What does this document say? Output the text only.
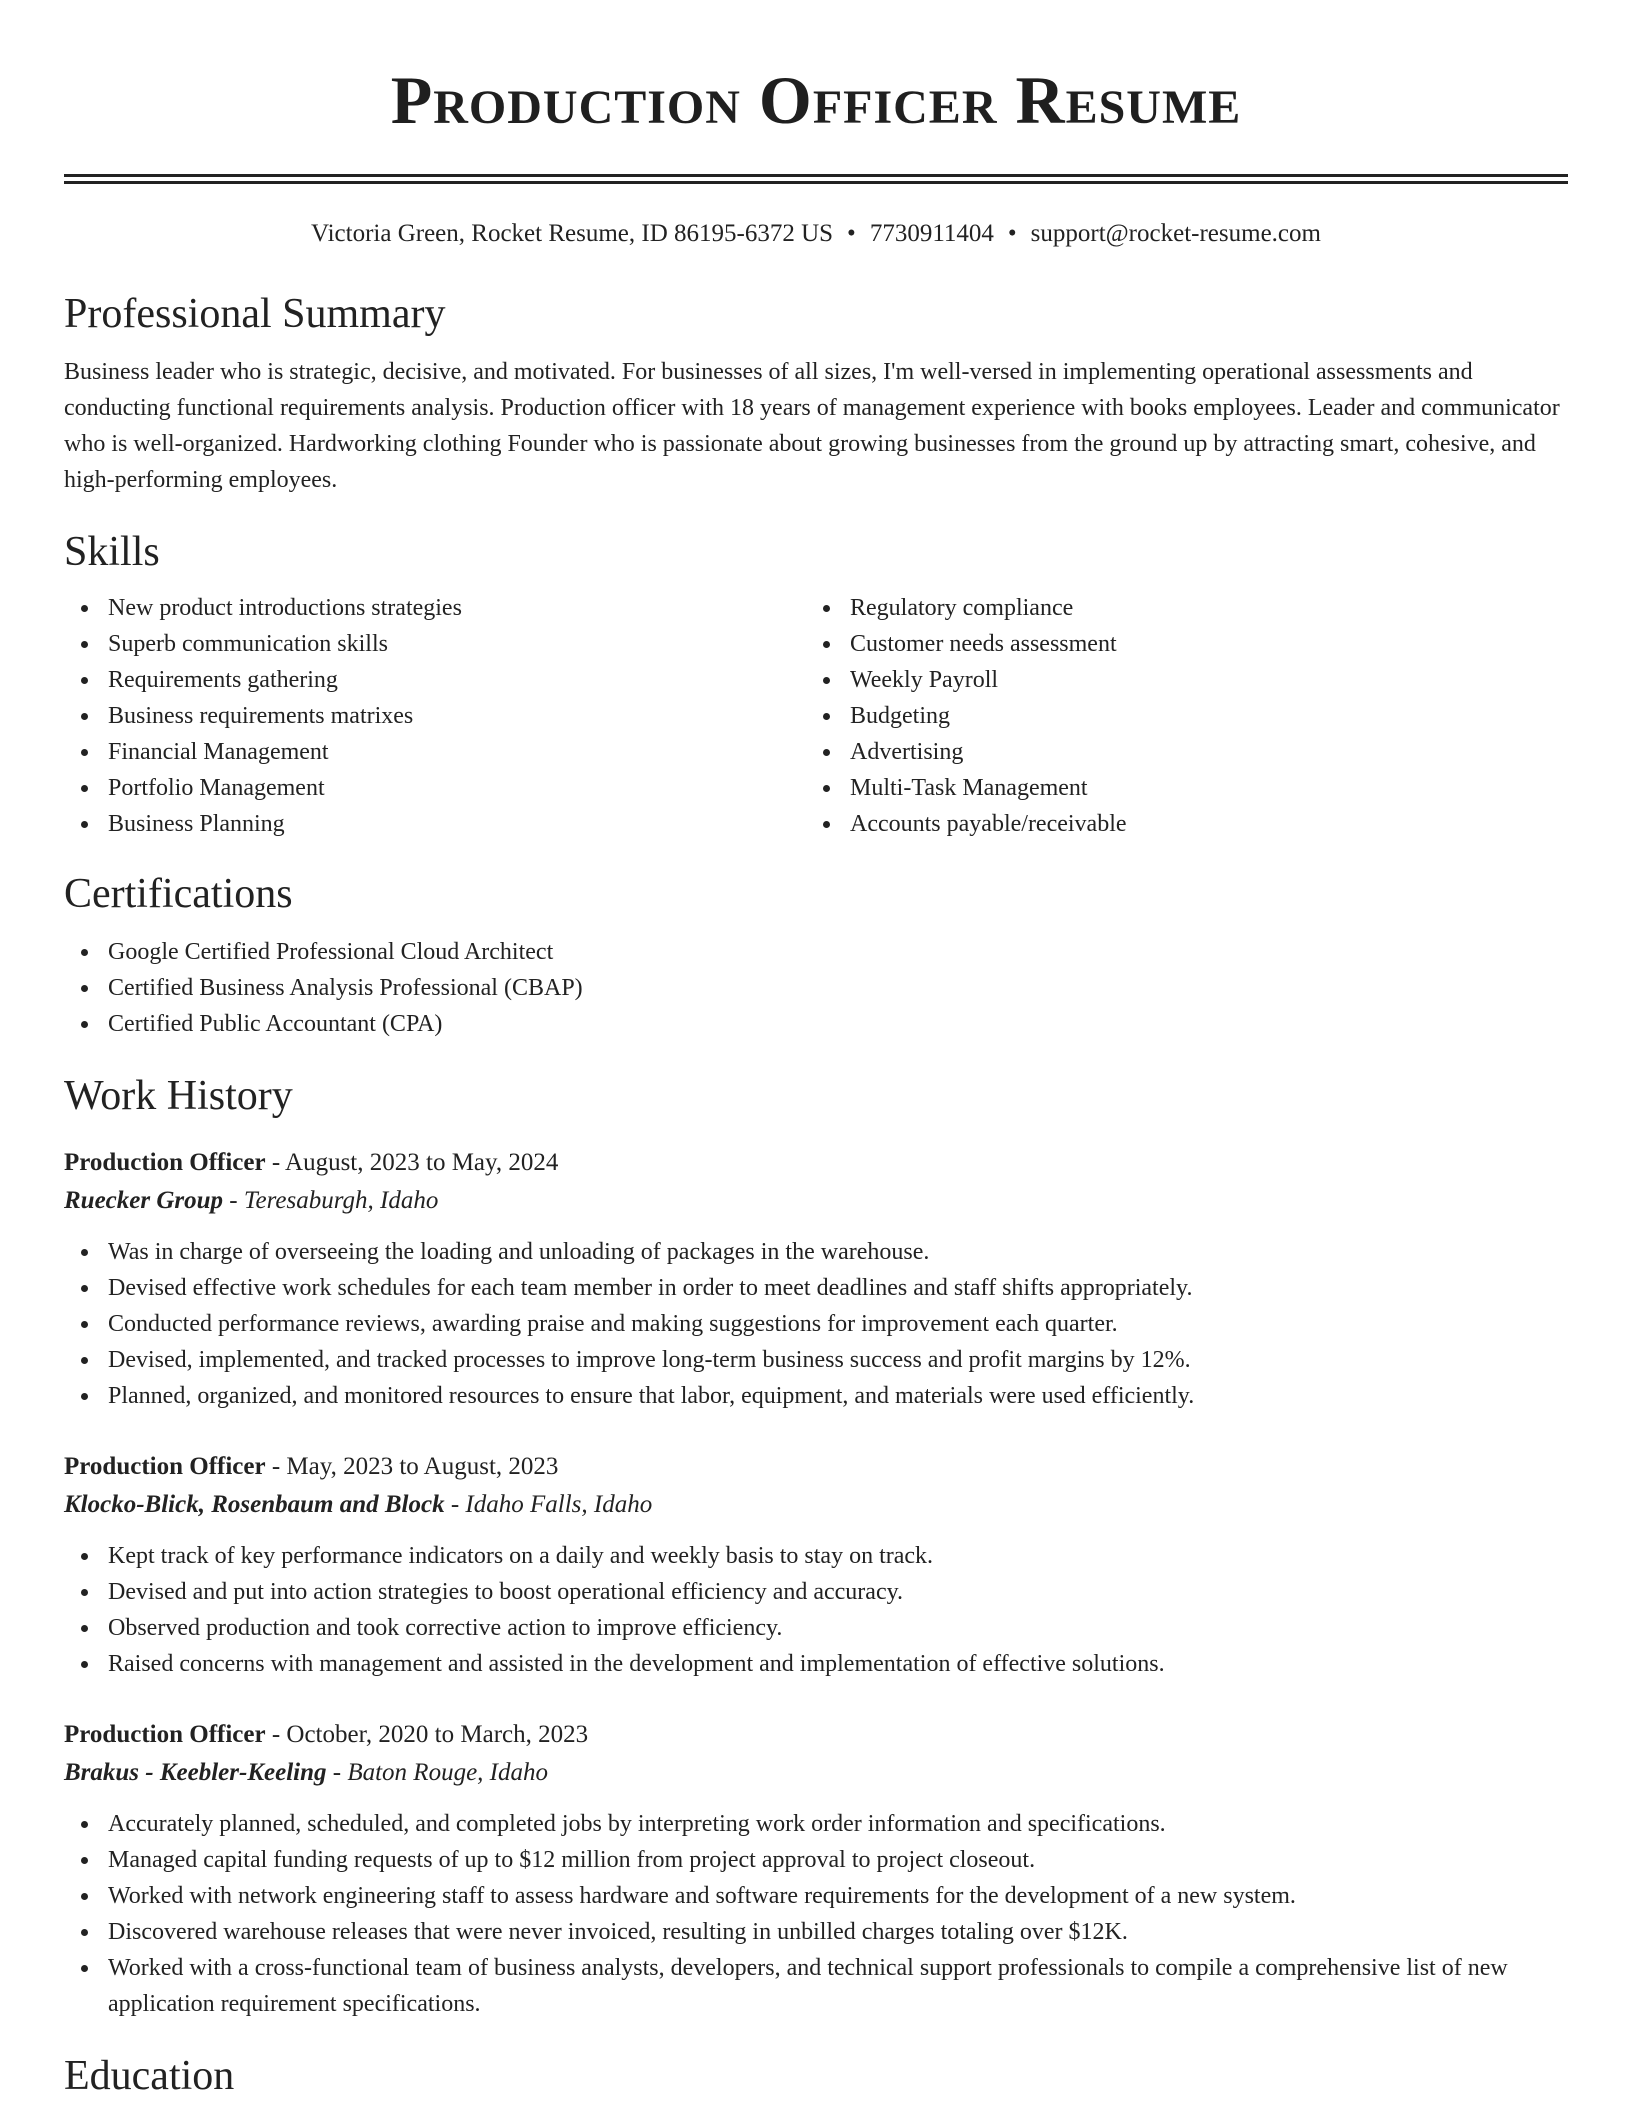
Production Officer Resume
Victoria Green, Rocket Resume, ID 86195-6372 US • 7730911404 • support@rocket-resume.com
Professional Summary

Business leader who is strategic, decisive, and motivated. For businesses of all sizes, I'm well-versed in implementing operational assessments and conducting functional requirements analysis. Production officer with 18 years of management experience with books employees. Leader and communicator who is well-organized. Hardworking clothing Founder who is passionate about growing businesses from the ground up by attracting smart, cohesive, and high-performing employees.

Skills
New product introductions strategies
Superb communication skills
Requirements gathering
Business requirements matrixes
Financial Management
Portfolio Management
Business Planning
Regulatory compliance
Customer needs assessment
Weekly Payroll
Budgeting
Advertising
Multi-Task Management
Accounts payable/receivable
Certifications
Google Certified Professional Cloud Architect
Certified Business Analysis Professional (CBAP)
Certified Public Accountant (CPA)
Work History
Production Officer - August, 2023 to May, 2024
Ruecker Group - Teresaburgh, Idaho
Was in charge of overseeing the loading and unloading of packages in the warehouse.
Devised effective work schedules for each team member in order to meet deadlines and staff shifts appropriately.
Conducted performance reviews, awarding praise and making suggestions for improvement each quarter.
Devised, implemented, and tracked processes to improve long-term business success and profit margins by 12%.
Planned, organized, and monitored resources to ensure that labor, equipment, and materials were used efficiently.
Production Officer - May, 2023 to August, 2023
Klocko-Blick, Rosenbaum and Block - Idaho Falls, Idaho
Kept track of key performance indicators on a daily and weekly basis to stay on track.
Devised and put into action strategies to boost operational efficiency and accuracy.
Observed production and took corrective action to improve efficiency.
Raised concerns with management and assisted in the development and implementation of effective solutions.
Production Officer - October, 2020 to March, 2023
Brakus - Keebler-Keeling - Baton Rouge, Idaho
Accurately planned, scheduled, and completed jobs by interpreting work order information and specifications.
Managed capital funding requests of up to $12 million from project approval to project closeout.
Worked with network engineering staff to assess hardware and software requirements for the development of a new system.
Discovered warehouse releases that were never invoiced, resulting in unbilled charges totaling over $12K.
Worked with a cross-functional team of business analysts, developers, and technical support professionals to compile a comprehensive list of new application requirement specifications.
Education
